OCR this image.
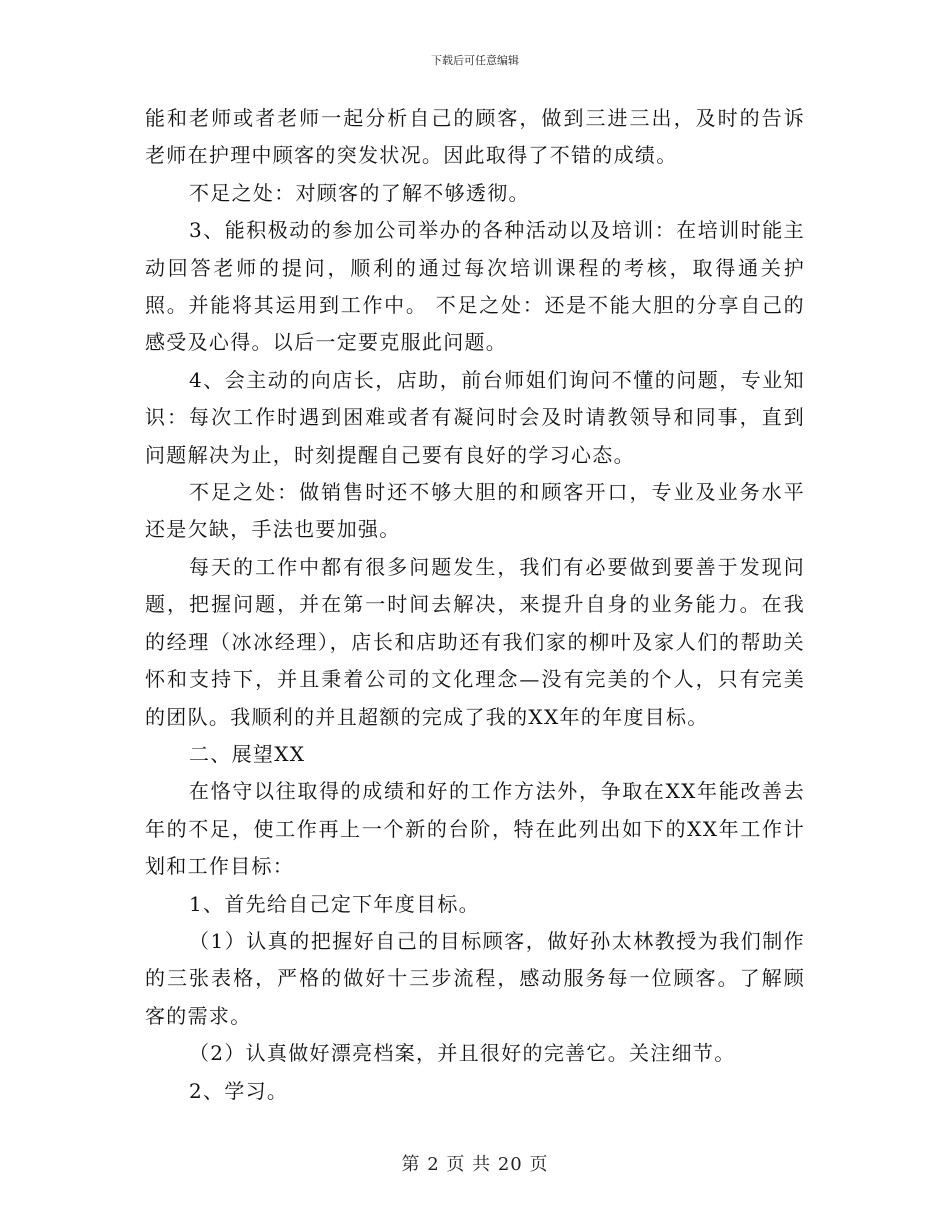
下载后可任意编辑

能和老师或者老师一起分析自己的顾客，做到三进三出，及时的告诉老师在护理中顾客的突发状况。因此取得了不错的成绩。

不足之处：对顾客的了解不够透彻。

3、能积极动的参加公司举办的各种活动以及培训：在培训时能主动回答老师的提问，顺利的通过每次培训课程的考核，取得通关护照。并能将其运用到工作中。 不足之处：还是不能大胆的分享自己的感受及心得。以后一定要克服此问题。

4、会主动的向店长，店助，前台师姐们询问不懂的问题，专业知识：每次工作时遇到困难或者有凝问时会及时请教领导和同事，直到问题解决为止，时刻提醒自己要有良好的学习心态。

不足之处：做销售时还不够大胆的和顾客开口，专业及业务水平还是欠缺，手法也要加强。

每天的工作中都有很多问题发生，我们有必要做到要善于发现问题，把握问题，并在第一时间去解决，来提升自身的业务能力。在我的经理（冰冰经理），店长和店助还有我们家的柳叶及家人们的帮助关怀和支持下，并且秉着公司的文化理念—没有完美的个人，只有完美的团队。我顺利的并且超额的完成了我的XX年的年度目标。

二、展望XX

在恪守以往取得的成绩和好的工作方法外，争取在XX年能改善去年的不足，使工作再上一个新的台阶，特在此列出如下的XX年工作计划和工作目标：

1、首先给自己定下年度目标。

（1）认真的把握好自己的目标顾客，做好孙太林教授为我们制作的三张表格，严格的做好十三步流程，感动服务每一位顾客。了解顾客的需求。

（2）认真做好漂亮档案，并且很好的完善它。关注细节。

2、学习。

第 2 页 共 20 页
